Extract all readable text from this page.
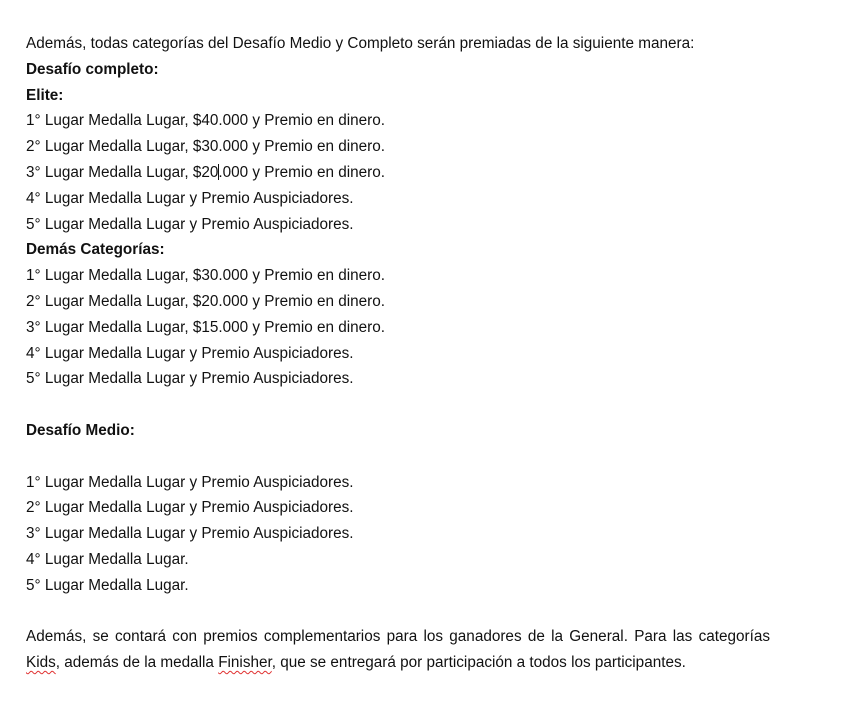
Además, todas categorías del Desafío Medio y Completo serán premiadas de la siguiente manera:
Desafío completo:
Elite:
1° Lugar Medalla Lugar, $40.000 y Premio en dinero.
2° Lugar Medalla Lugar, $30.000 y Premio en dinero.
3° Lugar Medalla Lugar, $20.000 y Premio en dinero.
4° Lugar Medalla Lugar y Premio Auspiciadores.
5° Lugar Medalla Lugar y Premio Auspiciadores.
Demás Categorías:
1° Lugar Medalla Lugar, $30.000 y Premio en dinero.
2° Lugar Medalla Lugar, $20.000 y Premio en dinero.
3° Lugar Medalla Lugar, $15.000 y Premio en dinero.
4° Lugar Medalla Lugar y Premio Auspiciadores.
5° Lugar Medalla Lugar y Premio Auspiciadores.
Desafío Medio:
1° Lugar Medalla Lugar y Premio Auspiciadores.
2° Lugar Medalla Lugar y Premio Auspiciadores.
3° Lugar Medalla Lugar y Premio Auspiciadores.
4° Lugar Medalla Lugar.
5° Lugar Medalla Lugar.
Además, se contará con premios complementarios para los ganadores de la General. Para las categorías Kids, además de la medalla Finisher, que se entregará por participación a todos los participantes.
